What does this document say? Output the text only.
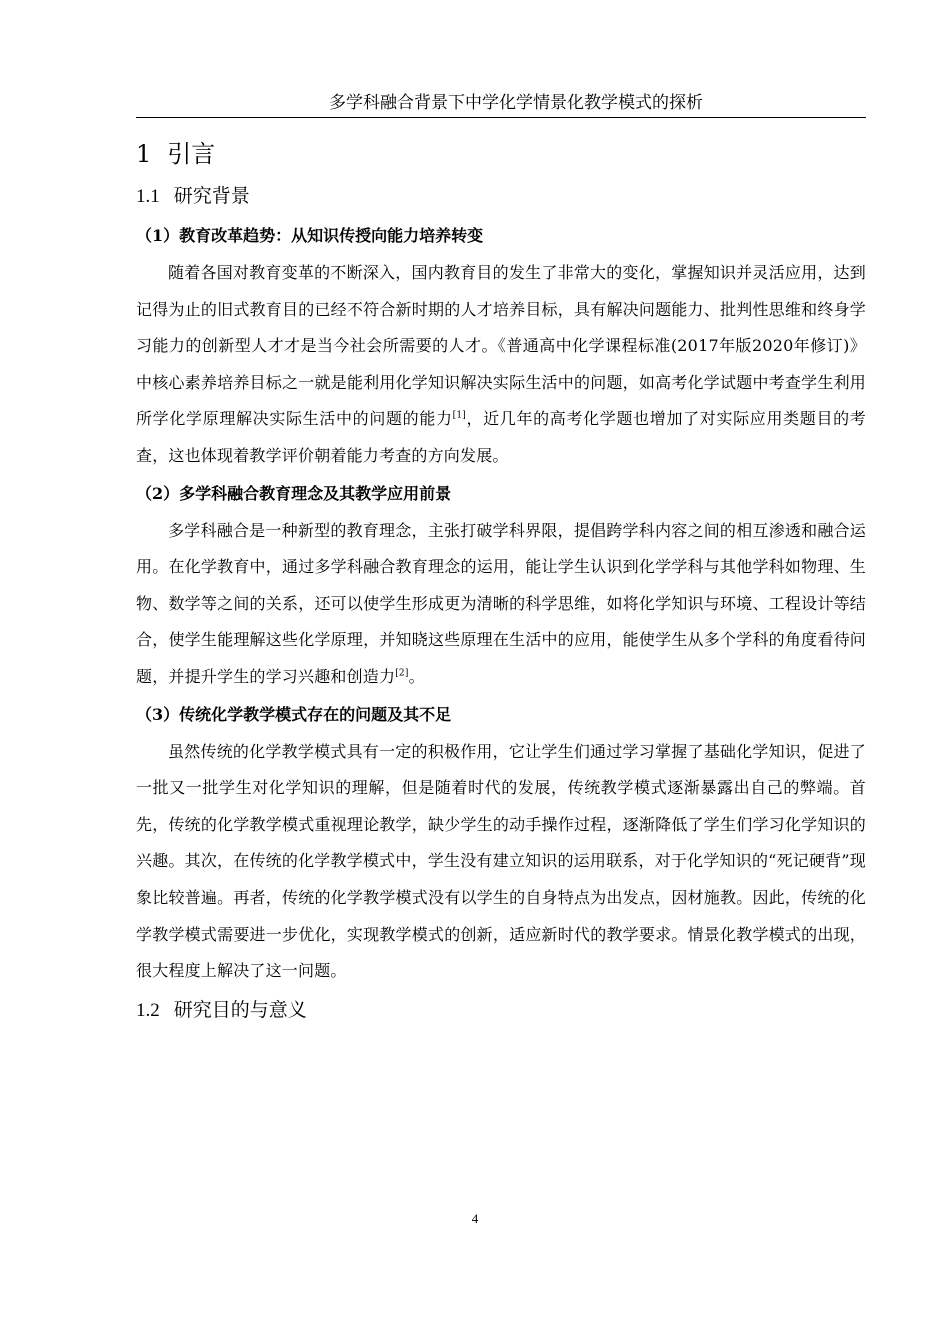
多学科融合背景下中学化学情景化教学模式的探析
1 引言
1.1 研究背景
（1）教育改革趋势：从知识传授向能力培养转变

随着各国对教育变革的不断深入，国内教育目的发生了非常大的变化，掌握知识并灵活应用，达到记得为止的旧式教育目的已经不符合新时期的人才培养目标，具有解决问题能力、批判性思维和终身学习能力的创新型人才才是当今社会所需要的人才。《普通高中化学课程标准(2017年版2020年修订)》中核心素养培养目标之一就是能利用化学知识解决实际生活中的问题，如高考化学试题中考查学生利用所学化学原理解决实际生活中的问题的能力[1]，近几年的高考化学题也增加了对实际应用类题目的考查，这也体现着教学评价朝着能力考查的方向发展。

（2）多学科融合教育理念及其教学应用前景

多学科融合是一种新型的教育理念，主张打破学科界限，提倡跨学科内容之间的相互渗透和融合运用。在化学教育中，通过多学科融合教育理念的运用，能让学生认识到化学学科与其他学科如物理、生物、数学等之间的关系，还可以使学生形成更为清晰的科学思维，如将化学知识与环境、工程设计等结合，使学生能理解这些化学原理，并知晓这些原理在生活中的应用，能使学生从多个学科的角度看待问题，并提升学生的学习兴趣和创造力[2]。

（3）传统化学教学模式存在的问题及其不足

虽然传统的化学教学模式具有一定的积极作用，它让学生们通过学习掌握了基础化学知识，促进了一批又一批学生对化学知识的理解，但是随着时代的发展，传统教学模式逐渐暴露出自己的弊端。首先，传统的化学教学模式重视理论教学，缺少学生的动手操作过程，逐渐降低了学生们学习化学知识的兴趣。其次，在传统的化学教学模式中，学生没有建立知识的运用联系，对于化学知识的“死记硬背”现象比较普遍。再者，传统的化学教学模式没有以学生的自身特点为出发点，因材施教。因此，传统的化学教学模式需要进一步优化，实现教学模式的创新，适应新时代的教学要求。情景化教学模式的出现，很大程度上解决了这一问题。

1.2 研究目的与意义
4
